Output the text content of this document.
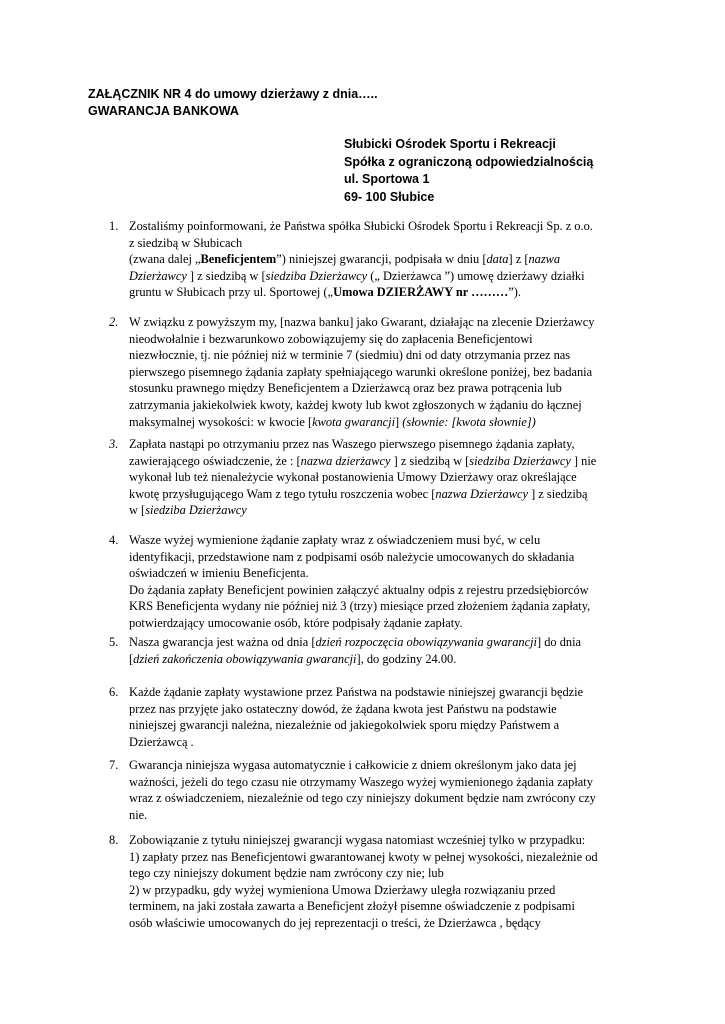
ZAŁĄCZNIK NR 4 do umowy dzierżawy z dnia…..
GWARANCJA BANKOWA
Słubicki Ośrodek Sportu i Rekreacji
Spółka z ograniczoną odpowiedzialnością
ul. Sportowa 1
69- 100 Słubice
1. Zostaliśmy poinformowani, że Państwa spółka Słubicki Ośrodek Sportu i Rekreacji Sp. z o.o.
z siedzibą w Słubicach
(zwana dalej „Beneficjentem”) niniejszej gwarancji, podpisała w dniu [data] z [nazwa
Dzierżawcy ] z siedzibą w [siedziba Dzierżawcy („ Dzierżawca ”) umowę dzierżawy działki
gruntu w Słubicach przy ul. Sportowej („Umowa DZIERŻAWY nr ………”).
2. W związku z powyższym my, [nazwa banku] jako Gwarant, działając na zlecenie Dzierżawcy
nieodwołalnie i bezwarunkowo zobowiązujemy się do zapłacenia Beneficjentowi
niezwłocznie, tj. nie później niż w terminie 7 (siedmiu) dni od daty otrzymania przez nas
pierwszego pisemnego żądania zapłaty spełniającego warunki określone poniżej, bez badania
stosunku prawnego między Beneficjentem a Dzierżawcą oraz bez prawa potrącenia lub
zatrzymania jakiekolwiek kwoty, każdej kwoty lub kwot zgłoszonych w żądaniu do łącznej
maksymalnej wysokości: w kwocie [kwota gwarancji] (słownie: [kwota słownie])
3. Zapłata nastąpi po otrzymaniu przez nas Waszego pierwszego pisemnego żądania zapłaty,
zawierającego oświadczenie, że : [nazwa dzierżawcy ] z siedzibą w [siedziba Dzierżawcy ] nie
wykonał lub też nienależycie wykonał postanowienia Umowy Dzierżawy oraz określające
kwotę przysługującego Wam z tego tytułu roszczenia wobec [nazwa Dzierżawcy ] z siedzibą
w [siedziba Dzierżawcy
4. Wasze wyżej wymienione żądanie zapłaty wraz z oświadczeniem musi być, w celu
identyfikacji, przedstawione nam z podpisami osób należycie umocowanych do składania
oświadczeń w imieniu Beneficjenta.
Do żądania zapłaty Beneficjent powinien załączyć aktualny odpis z rejestru przedsiębiorców
KRS Beneficjenta wydany nie później niż 3 (trzy) miesiące przed złożeniem żądania zapłaty,
potwierdzający umocowanie osób, które podpisały żądanie zapłaty.
5. Nasza gwarancja jest ważna od dnia [dzień rozpoczęcia obowiązywania gwarancji] do dnia
[dzień zakończenia obowiązywania gwarancji], do godziny 24.00.
6. Każde żądanie zapłaty wystawione przez Państwa na podstawie niniejszej gwarancji będzie
przez nas przyjęte jako ostateczny dowód, że żądana kwota jest Państwu na podstawie
niniejszej gwarancji należna, niezależnie od jakiegokolwiek sporu między Państwem a
Dzierżawcą .
7. Gwarancja niniejsza wygasa automatycznie i całkowicie z dniem określonym jako data jej
ważności, jeżeli do tego czasu nie otrzymamy Waszego wyżej wymienionego żądania zapłaty
wraz z oświadczeniem, niezależnie od tego czy niniejszy dokument będzie nam zwrócony czy
nie.
8. Zobowiązanie z tytułu niniejszej gwarancji wygasa natomiast wcześniej tylko w przypadku:
1) zapłaty przez nas Beneficjentowi gwarantowanej kwoty w pełnej wysokości, niezależnie od
tego czy niniejszy dokument będzie nam zwrócony czy nie; lub
2) w przypadku, gdy wyżej wymieniona Umowa Dzierżawy uległa rozwiązaniu przed
terminem, na jaki została zawarta a Beneficjent złożył pisemne oświadczenie z podpisami
osób właściwie umocowanych do jej reprezentacji o treści, że Dzierżawca , będący
